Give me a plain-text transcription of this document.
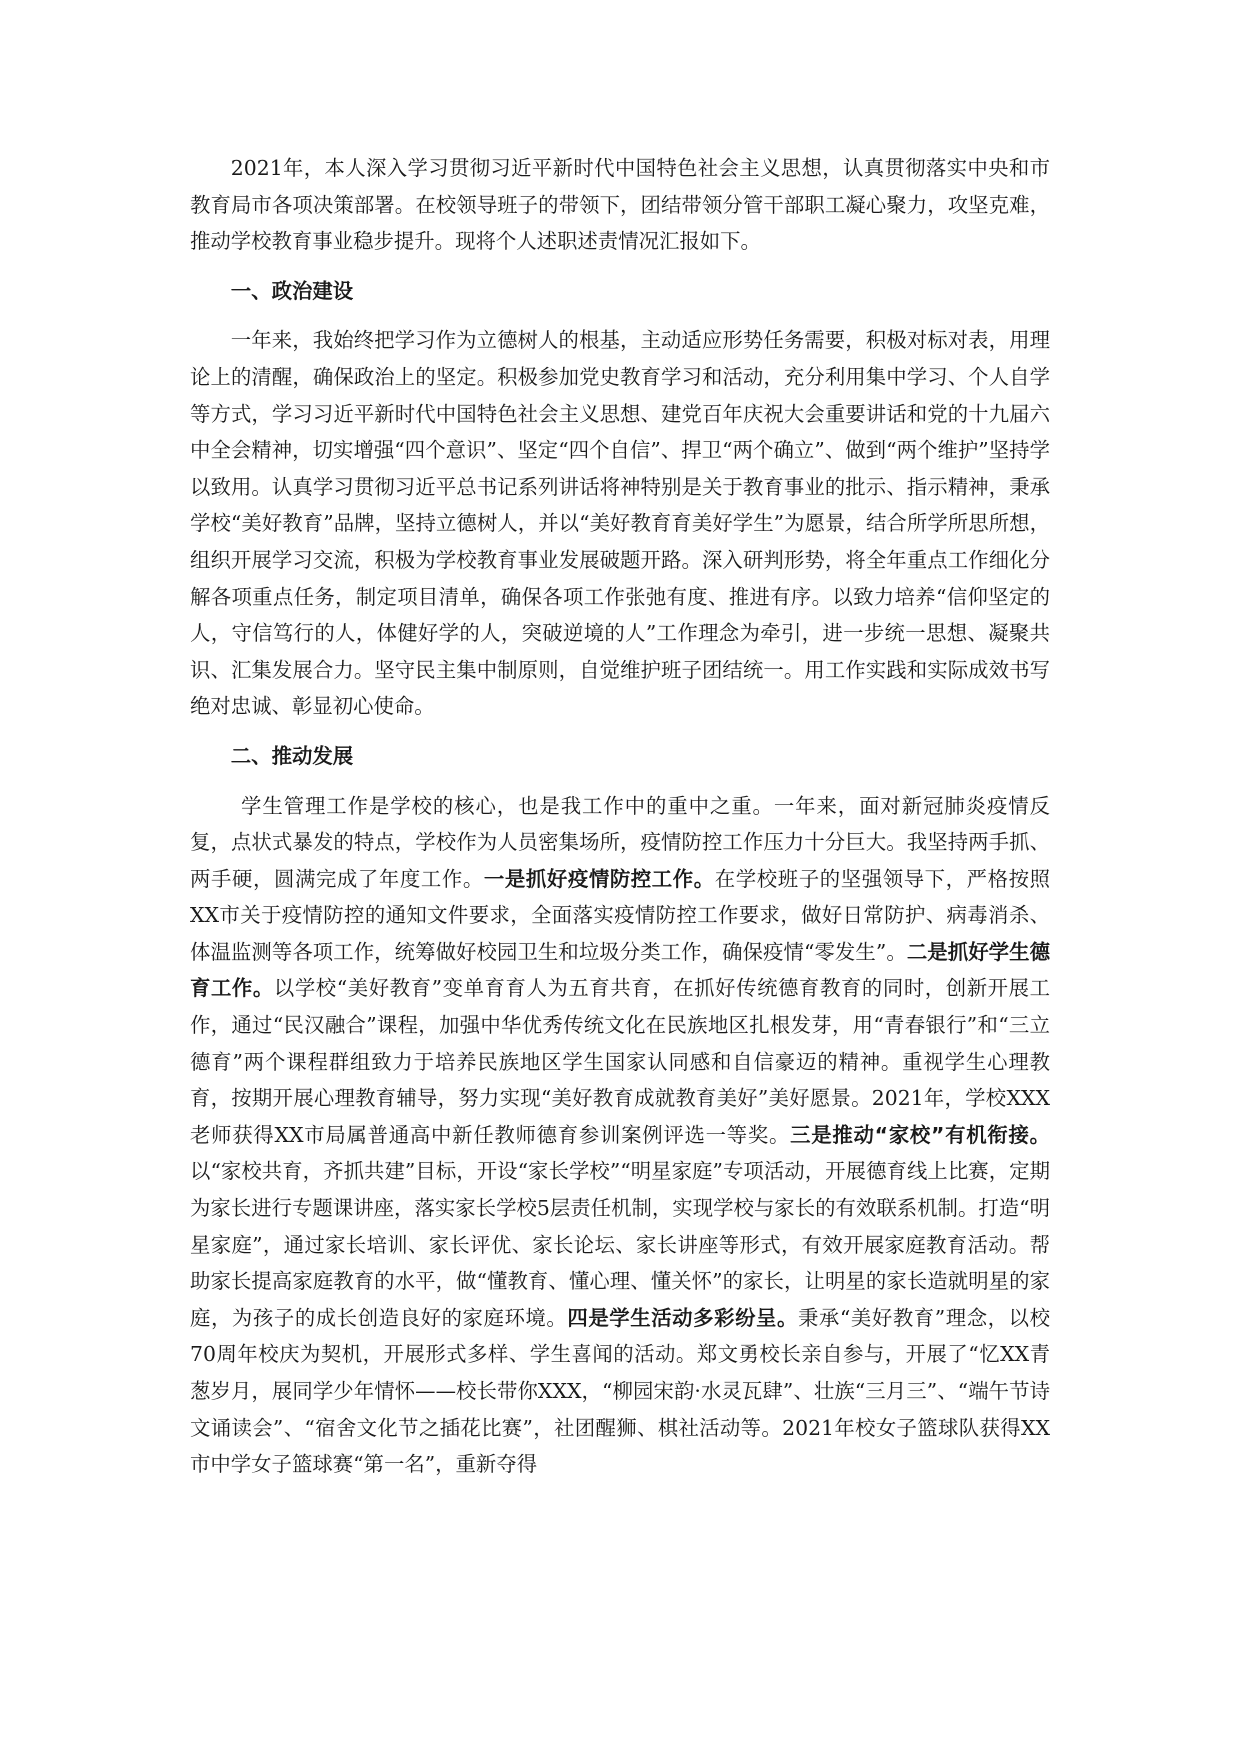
2021年，本人深入学习贯彻习近平新时代中国特色社会主义思想，认真贯彻落实中央和市教育局市各项决策部署。在校领导班子的带领下，团结带领分管干部职工凝心聚力，攻坚克难，推动学校教育事业稳步提升。现将个人述职述责情况汇报如下。

一、政治建设

一年来，我始终把学习作为立德树人的根基，主动适应形势任务需要，积极对标对表，用理论上的清醒，确保政治上的坚定。积极参加党史教育学习和活动，充分利用集中学习、个人自学等方式，学习习近平新时代中国特色社会主义思想、建党百年庆祝大会重要讲话和党的十九届六中全会精神，切实增强“四个意识”、坚定“四个自信”、捍卫“两个确立”、做到“两个维护”坚持学以致用。认真学习贯彻习近平总书记系列讲话将神特别是关于教育事业的批示、指示精神，秉承学校“美好教育”品牌，坚持立德树人，并以“美好教育育美好学生”为愿景，结合所学所思所想，组织开展学习交流，积极为学校教育事业发展破题开路。深入研判形势，将全年重点工作细化分解各项重点任务，制定项目清单，确保各项工作张弛有度、推进有序。以致力培养“信仰坚定的人，守信笃行的人，体健好学的人，突破逆境的人”工作理念为牵引，进一步统一思想、凝聚共识、汇集发展合力。坚守民主集中制原则，自觉维护班子团结统一。用工作实践和实际成效书写绝对忠诚、彰显初心使命。

二、推动发展

学生管理工作是学校的核心，也是我工作中的重中之重。一年来，面对新冠肺炎疫情反复，点状式暴发的特点，学校作为人员密集场所，疫情防控工作压力十分巨大。我坚持两手抓、两手硬，圆满完成了年度工作。一是抓好疫情防控工作。在学校班子的坚强领导下，严格按照XX市关于疫情防控的通知文件要求，全面落实疫情防控工作要求，做好日常防护、病毒消杀、体温监测等各项工作，统筹做好校园卫生和垃圾分类工作，确保疫情“零发生”。二是抓好学生德育工作。以学校“美好教育”变单育育人为五育共育，在抓好传统德育教育的同时，创新开展工作，通过“民汉融合”课程，加强中华优秀传统文化在民族地区扎根发芽，用“青春银行”和“三立德育”两个课程群组致力于培养民族地区学生国家认同感和自信豪迈的精神。重视学生心理教育，按期开展心理教育辅导，努力实现“美好教育成就教育美好”美好愿景。2021年，学校XXX老师获得XX市局属普通高中新任教师德育参训案例评选一等奖。三是推动“家校”有机衔接。以“家校共育，齐抓共建”目标，开设“家长学校”“明星家庭”专项活动，开展德育线上比赛，定期为家长进行专题课讲座，落实家长学校5层责任机制，实现学校与家长的有效联系机制。打造“明星家庭”，通过家长培训、家长评优、家长论坛、家长讲座等形式，有效开展家庭教育活动。帮助家长提高家庭教育的水平，做“懂教育、懂心理、懂关怀”的家长，让明星的家长造就明星的家庭，为孩子的成长创造良好的家庭环境。四是学生活动多彩纷呈。秉承“美好教育”理念，以校70周年校庆为契机，开展形式多样、学生喜闻的活动。郑文勇校长亲自参与，开展了“忆XX青葱岁月，展同学少年情怀——校长带你XXX，“柳园宋韵·水灵瓦肆”、壮族“三月三”、“端午节诗文诵读会”、“宿舍文化节之插花比赛”，社团醒狮、棋社活动等。2021年校女子篮球队获得XX市中学女子篮球赛“第一名”，重新夺得
